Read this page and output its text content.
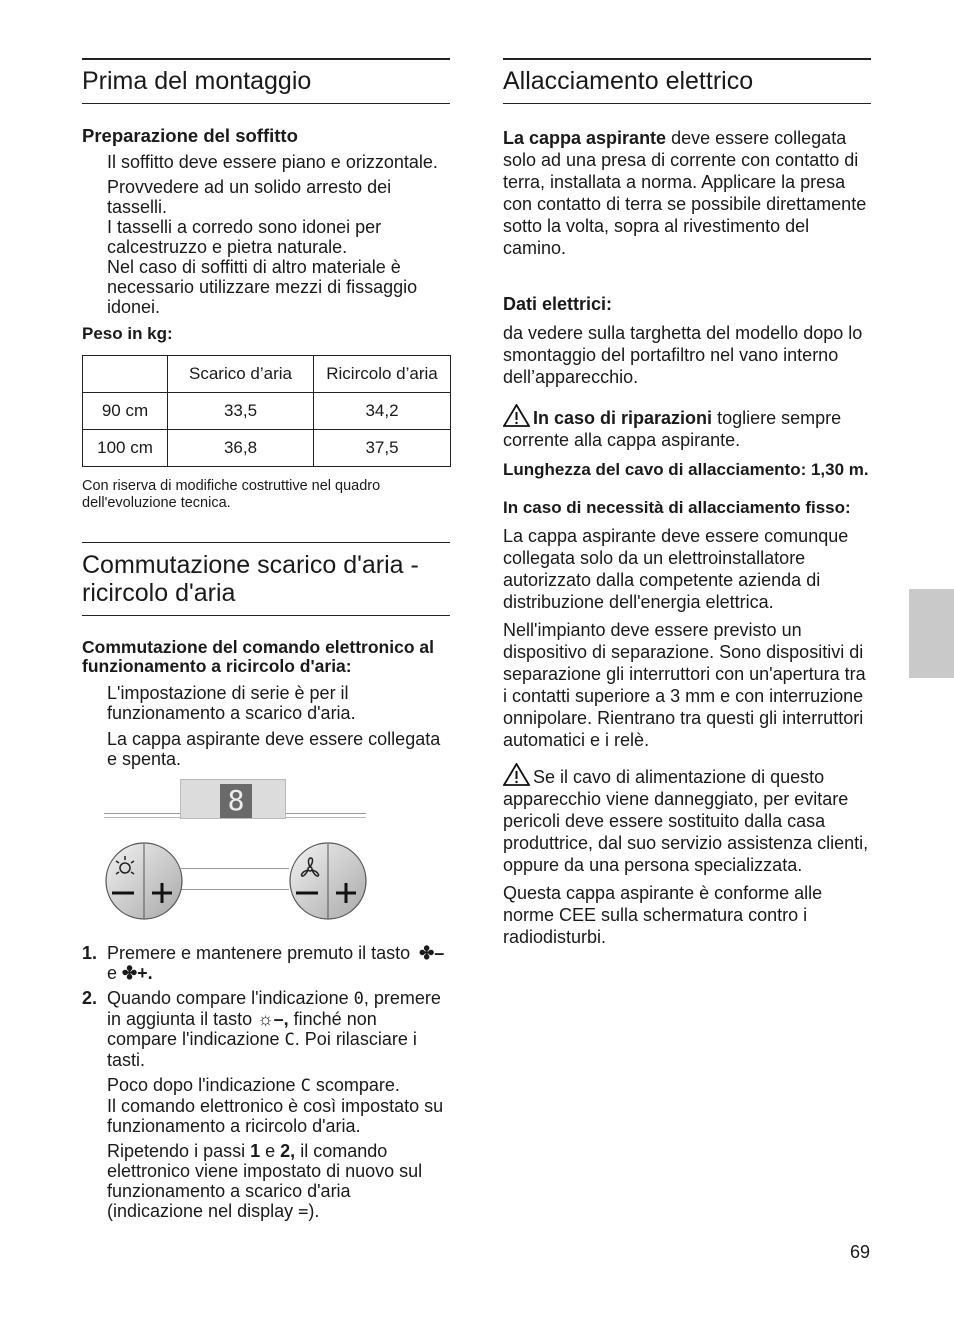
Prima del montaggio
Preparazione del soffitto

Il soffitto deve essere piano e orizzontale.

Provvedere ad un solido arresto dei tasselli.

I tasselli a corredo sono idonei per calcestruzzo e pietra naturale.

Nel caso di soffitti di altro materiale è necessario utilizzare mezzi di fissaggio idonei.

Peso in kg:

	Scarico d’aria	Ricircolo d’aria
90 cm	33,5	34,2
100 cm	36,8	37,5

Con riserva di modifiche costruttive nel quadro dell'evoluzione tecnica.

Commutazione scarico d'aria -
ricircolo d'aria
Commutazione del comando elettronico al funzionamento a ricircolo d'aria:

L'impostazione di serie è per il funzionamento a scarico d'aria.

La cappa aspirante deve essere collegata e spenta.

8
1. Premere e mantenere premuto il tasto ✤– e ✤+.
2. Quando compare l'indicazione 0, premere in aggiunta il tasto ☼–, finché non compare l'indicazione C. Poi rilasciare i tasti.

Poco dopo l'indicazione C scompare.

Il comando elettronico è così impostato su funzionamento a ricircolo d'aria.

Ripetendo i passi 1 e 2, il comando elettronico viene impostato di nuovo sul funzionamento a scarico d'aria (indicazione nel display =).

Allacciamento elettrico

La cappa aspirante deve essere collegata solo ad una presa di corrente con contatto di terra, installata a norma. Applicare la presa con contatto di terra se possibile direttamente sotto la volta, sopra al rivestimento del camino.

Dati elettrici:

da vedere sulla targhetta del modello dopo lo smontaggio del portafiltro nel vano interno dell’apparecchio.

In caso di riparazioni togliere sempre corrente alla cappa aspirante.

Lunghezza del cavo di allacciamento: 1,30 m.

In caso di necessità di allacciamento fisso:

La cappa aspirante deve essere comunque collegata solo da un elettroinstallatore autorizzato dalla competente azienda di distribuzione dell'energia elettrica.

Nell'impianto deve essere previsto un dispositivo di separazione. Sono dispositivi di separazione gli interruttori con un'apertura tra i contatti superiore a 3 mm e con interruzione onnipolare. Rientrano tra questi gli interruttori automatici e i relè.

Se il cavo di alimentazione di questo apparecchio viene danneggiato, per evitare pericoli deve essere sostituito dalla casa produttrice, dal suo servizio assistenza clienti, oppure da una persona specializzata.

Questa cappa aspirante è conforme alle norme CEE sulla schermatura contro i radiodisturbi.

69
